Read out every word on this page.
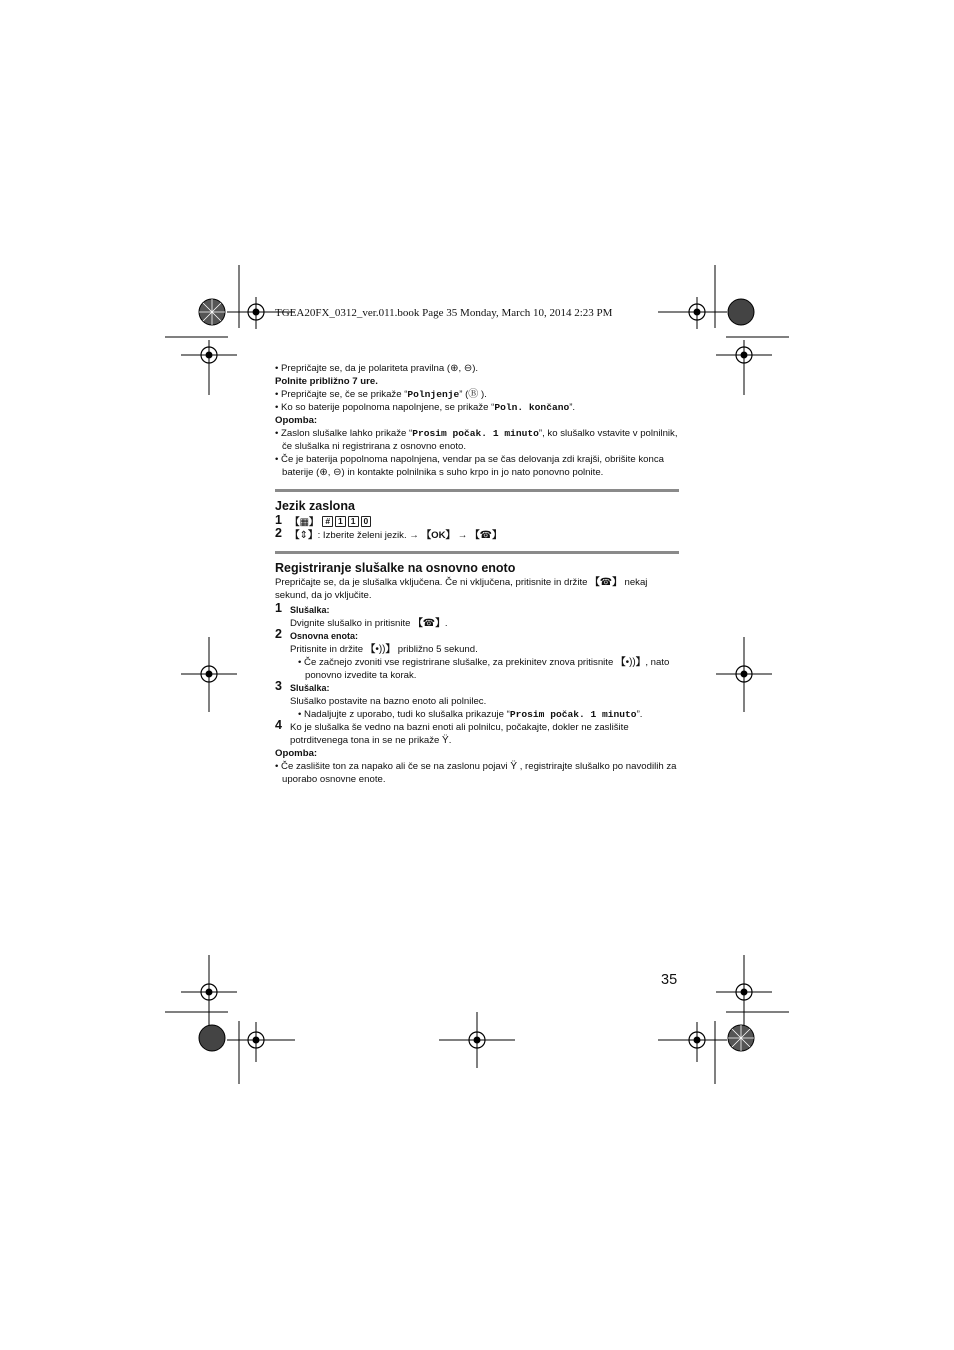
TGEA20FX_0312_ver.011.book Page 35 Monday, March 10, 2014 2:23 PM

• Prepričajte se, da je polariteta pravilna (⊕, ⊖).

Polnite približno 7 ure.

• Prepričajte se, če se prikaže “Polnjenje” (Ⓑ ).

• Ko so baterije popolnoma napolnjene, se prikaže “Poln. končano”.

Opomba:

• Zaslon slušalke lahko prikaže “Prosim počak. 1 minuto”, ko slušalko vstavite v polnilnik, če slušalka ni registrirana z osnovno enoto.

• Če je baterija popolnoma napolnjena, vendar pa se čas delovanja zdi krajši, obrišite konca baterije (⊕, ⊖) in kontakte polnilnika s suho krpo in jo nato ponovno polnite.

Jezik zaslona

1 【▦】 # 1 1 0

2 【⇕】: Izberite želeni jezik. → 【OK】 → 【☎】

Registriranje slušalke na osnovno enoto

Prepričajte se, da je slušalka vključena. Če ni vključena, pritisnite in držite 【☎】 nekaj sekund, da jo vključite.

1 Slušalka:

Dvignite slušalko in pritisnite 【☎】.

2 Osnovna enota:

Pritisnite in držite 【•))】 približno 5 sekund.

• Če začnejo zvoniti vse registrirane slušalke, za prekinitev znova pritisnite 【•))】, nato ponovno izvedite ta korak.

3 Slušalka:

Slušalko postavite na bazno enoto ali polnilec.

• Nadaljujte z uporabo, tudi ko slušalka prikazuje “Prosim počak. 1 minuto”.

4 Ko je slušalka še vedno na bazni enoti ali polnilcu, počakajte, dokler ne zaslišite potrditvenega tona in se ne prikaže Ÿ.

Opomba:

• Če zaslišite ton za napako ali če se na zaslonu pojavi Ÿ , registrirajte slušalko po navodilih za uporabo osnovne enote.

35
